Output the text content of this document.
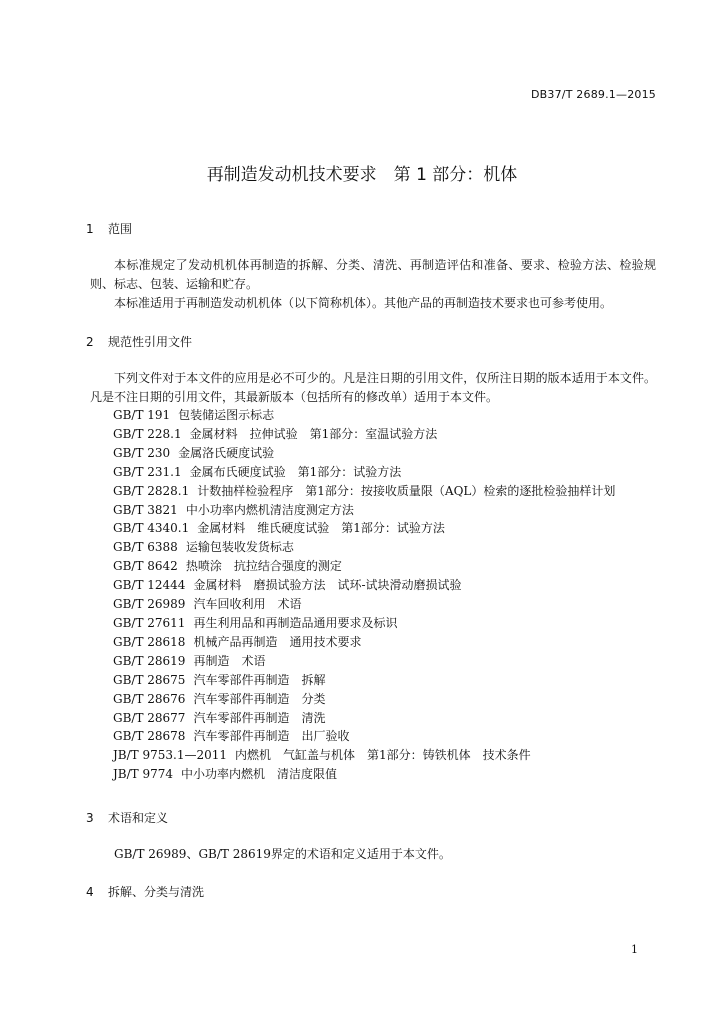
DB37/T 2689.1—2015
再制造发动机技术要求　第 1 部分：机体
1 范围

本标准规定了发动机机体再制造的拆解、分类、清洗、再制造评估和准备、要求、检验方法、检验规则、标志、包装、运输和贮存。

本标准适用于再制造发动机机体（以下简称机体）。其他产品的再制造技术要求也可参考使用。

2 规范性引用文件

下列文件对于本文件的应用是必不可少的。凡是注日期的引用文件，仅所注日期的版本适用于本文件。凡是不注日期的引用文件，其最新版本（包括所有的修改单）适用于本文件。

GB/T 191 包装储运图示标志
GB/T 228.1 金属材料　拉伸试验　第1部分：室温试验方法
GB/T 230 金属洛氏硬度试验
GB/T 231.1 金属布氏硬度试验　第1部分：试验方法
GB/T 2828.1 计数抽样检验程序　第1部分：按接收质量限（AQL）检索的逐批检验抽样计划
GB/T 3821 中小功率内燃机清洁度测定方法
GB/T 4340.1 金属材料　维氏硬度试验　第1部分：试验方法
GB/T 6388 运输包装收发货标志
GB/T 8642 热喷涂　抗拉结合强度的测定
GB/T 12444 金属材料　磨损试验方法　试环-试块滑动磨损试验
GB/T 26989 汽车回收利用　术语
GB/T 27611 再生利用品和再制造品通用要求及标识
GB/T 28618 机械产品再制造　通用技术要求
GB/T 28619 再制造　术语
GB/T 28675 汽车零部件再制造　拆解
GB/T 28676 汽车零部件再制造　分类
GB/T 28677 汽车零部件再制造　清洗
GB/T 28678 汽车零部件再制造　出厂验收
JB/T 9753.1—2011 内燃机　气缸盖与机体　第1部分：铸铁机体　技术条件
JB/T 9774 中小功率内燃机　清洁度限值
3 术语和定义

GB/T 26989、GB/T 28619界定的术语和定义适用于本文件。

4 拆解、分类与清洗
1
